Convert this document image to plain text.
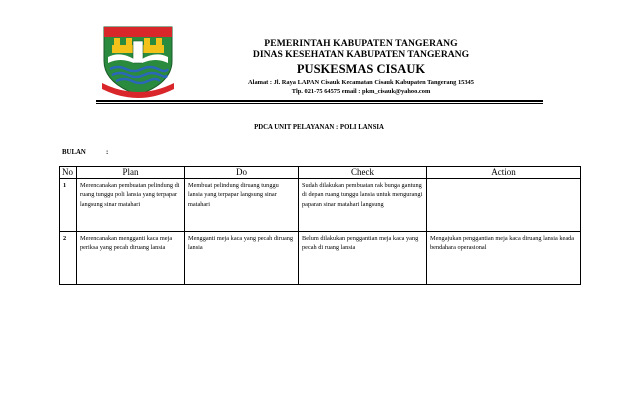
PEMERINTAH KABUPATEN TANGERANG
DINAS KESEHATAN KABUPATEN TANGERANG
PUSKESMAS CISAUK
Alamat : Jl. Raya LAPAN Cisauk Kecamatan Cisauk Kabupaten Tangerang 15345
Tlp. 021-75 64575 email : pkm_cisauk@yahoo.com
PDCA UNIT PELAYANAN : POLI LANSIA
BULAN	:
No	Plan	Do	Check	Action
1	Merencanakan pembuatan pelindung di ruang tunggu poli lansia yang terpapar langsung sinar matahari	Membuat pelindung diruang tunggu lansia yang terpapar langsung sinar matahari	Sudah dilakukan pembuatan rak bunga gantung di depan ruang tunggu lansia untuk mengurangi paparan sinar matahari langsung	
2	Merencanakan mengganti kaca meja periksa yang pecah diruang lansia	Mengganti meja kaca yang pecah diruang lansia	Belum dilakukan penggantian meja kaca yang pecah di ruang lansia	Mengajukan penggantian meja kaca diruang lansia keada bendahara operasional
